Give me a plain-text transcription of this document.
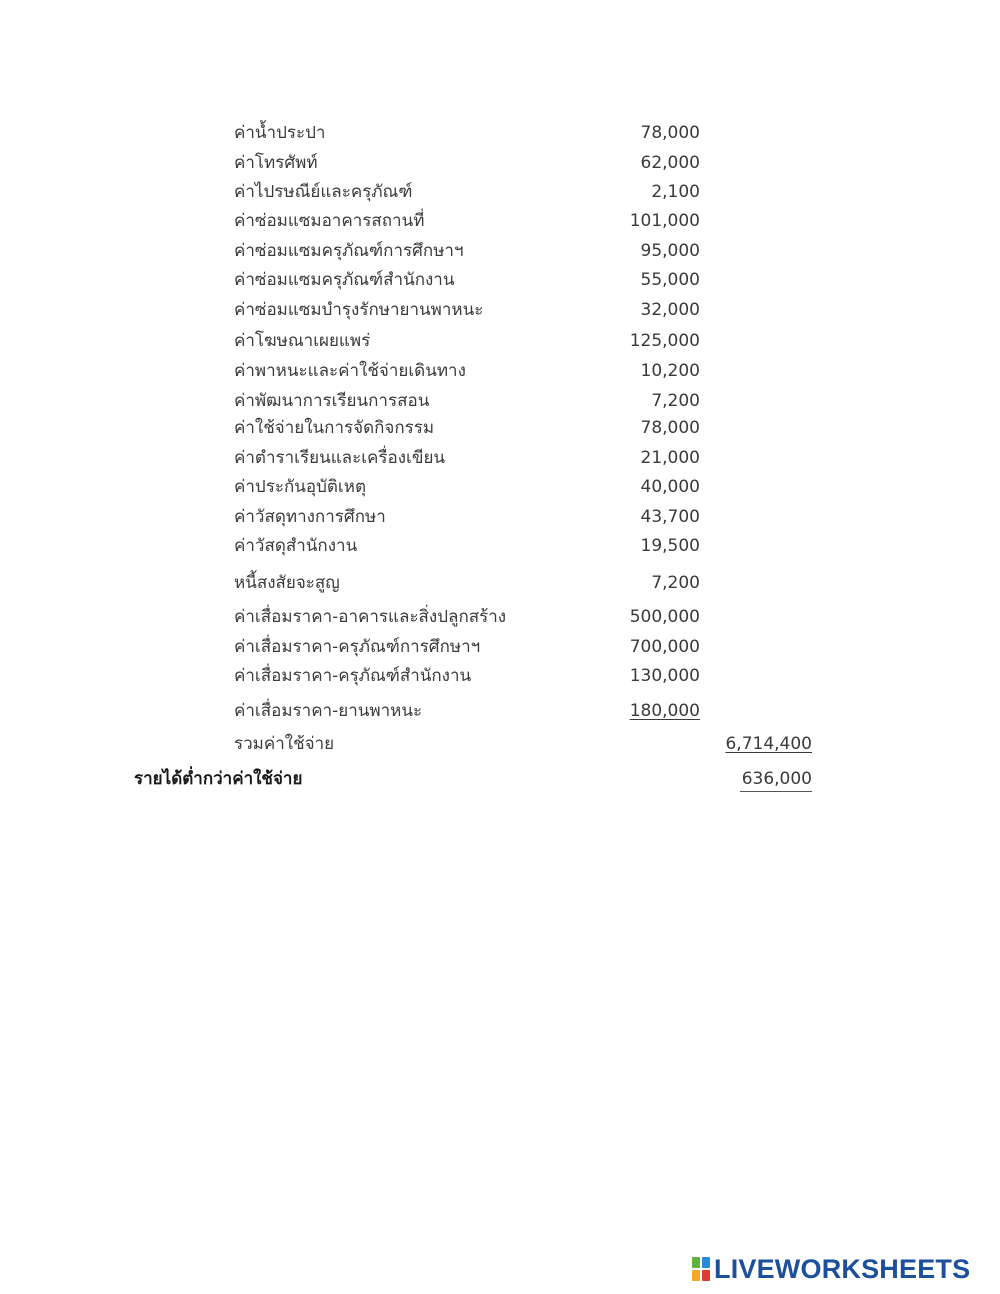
ค่าน้ำประปา	78,000
ค่าโทรศัพท์	62,000
ค่าไปรษณีย์และครุภัณฑ์	2,100
ค่าซ่อมแซมอาคารสถานที่	101,000
ค่าซ่อมแซมครุภัณฑ์การศึกษาฯ	95,000
ค่าซ่อมแซมครุภัณฑ์สำนักงาน	55,000
ค่าซ่อมแซมบำรุงรักษายานพาหนะ	32,000
ค่าโฆษณาเผยแพร่	125,000
ค่าพาหนะและค่าใช้จ่ายเดินทาง	10,200
ค่าพัฒนาการเรียนการสอน	7,200
ค่าใช้จ่ายในการจัดกิจกรรม	78,000
ค่าตำราเรียนและเครื่องเขียน	21,000
ค่าประกันอุบัติเหตุ	40,000
ค่าวัสดุทางการศึกษา	43,700
ค่าวัสดุสำนักงาน	19,500
หนี้สงสัยจะสูญ	7,200
ค่าเสื่อมราคา-อาคารและสิ่งปลูกสร้าง	500,000
ค่าเสื่อมราคา-ครุภัณฑ์การศึกษาฯ	700,000
ค่าเสื่อมราคา-ครุภัณฑ์สำนักงาน	130,000
ค่าเสื่อมราคา-ยานพาหนะ	180,000
รวมค่าใช้จ่าย	6,714,400
รายได้ต่ำกว่าค่าใช้จ่าย	636,000
LIVEWORKSHEETS
